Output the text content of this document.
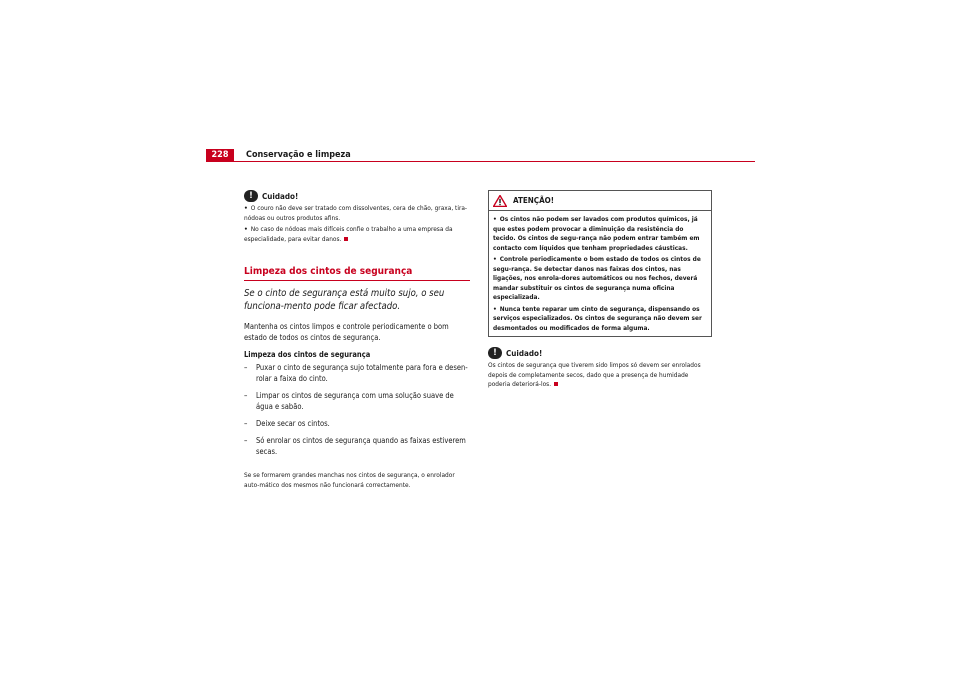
228	Conservação e limpeza
!	Cuidado!
• O couro não deve ser tratado com dissolventes, cera de chão, graxa, tira-nódoas ou outros produtos afins.
• No caso de nódoas mais difíceis confie o trabalho a uma empresa da especialidade, para evitar danos.
Limpeza dos cintos de segurança
Se o cinto de segurança está muito sujo, o seu funciona-mento pode ficar afectado.
Mantenha os cintos limpos e controle periodicamente o bom estado de todos os cintos de segurança.
Limpeza dos cintos de segurança
– Puxar o cinto de segurança sujo totalmente para fora e desen-rolar a faixa do cinto.
– Limpar os cintos de segurança com uma solução suave de água e sabão.
– Deixe secar os cintos.
– Só enrolar os cintos de segurança quando as faixas estiverem secas.
Se se formarem grandes manchas nos cintos de segurança, o enrolador auto-mático dos mesmos não funcionará correctamente.
ATENÇÃO!
• Os cintos não podem ser lavados com produtos químicos, já que estes podem provocar a diminuição da resistência do tecido. Os cintos de segu-rança não podem entrar também em contacto com líquidos que tenham propriedades cáusticas.
• Controle periodicamente o bom estado de todos os cintos de segu-rança. Se detectar danos nas faixas dos cintos, nas ligações, nos enrola-dores automáticos ou nos fechos, deverá mandar substituir os cintos de segurança numa oficina especializada.
• Nunca tente reparar um cinto de segurança, dispensando os serviços especializados. Os cintos de segurança não devem ser desmontados ou modificados de forma alguma.
!	Cuidado!
Os cintos de segurança que tiverem sido limpos só devem ser enrolados depois de completamente secos, dado que a presença de humidade poderia deteriorá-los.
